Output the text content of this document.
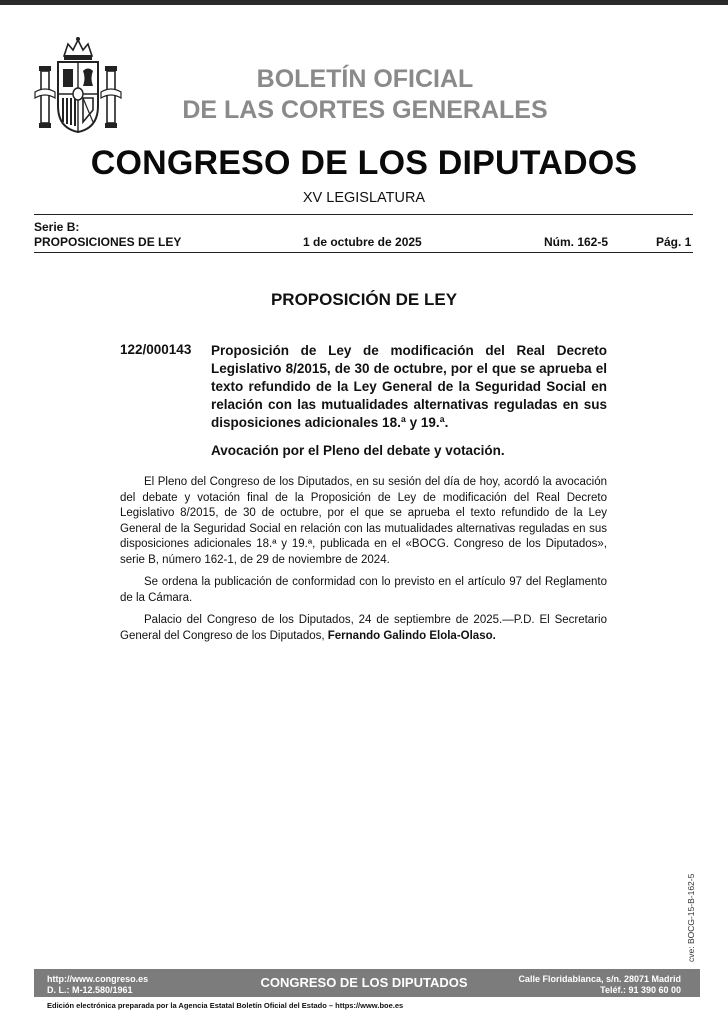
BOLETÍN OFICIAL
DE LAS CORTES GENERALES
CONGRESO DE LOS DIPUTADOS
XV LEGISLATURA
Serie B:
PROPOSICIONES DE LEY	1 de octubre de 2025	Núm. 162-5	Pág. 1
PROPOSICIÓN DE LEY
122/000143 Proposición de Ley de modificación del Real Decreto Legislativo 8/2015, de 30 de octubre, por el que se aprueba el texto refundido de la Ley General de la Seguridad Social en relación con las mutualidades alternativas reguladas en sus disposiciones adicionales 18.ª y 19.ª.
Avocación por el Pleno del debate y votación.

El Pleno del Congreso de los Diputados, en su sesión del día de hoy, acordó la avocación del debate y votación final de la Proposición de Ley de modificación del Real Decreto Legislativo 8/2015, de 30 de octubre, por el que se aprueba el texto refundido de la Ley General de la Seguridad Social en relación con las mutualidades alternativas reguladas en sus disposiciones adicionales 18.ª y 19.ª, publicada en el «BOCG. Congreso de los Diputados», serie B, número 162-1, de 29 de noviembre de 2024.

Se ordena la publicación de conformidad con lo previsto en el artículo 97 del Reglamento de la Cámara.

Palacio del Congreso de los Diputados, 24 de septiembre de 2025.—P.D. El Secretario General del Congreso de los Diputados, Fernando Galindo Elola-Olaso.

cve: BOCG-15-B-162-5
http://www.congreso.es
D. L.: M-12.580/1961	CONGRESO DE LOS DIPUTADOS	Calle Floridablanca, s/n. 28071 Madrid
Teléf.: 91 390 60 00
Edición electrónica preparada por la Agencia Estatal Boletín Oficial del Estado – https://www.boe.es
